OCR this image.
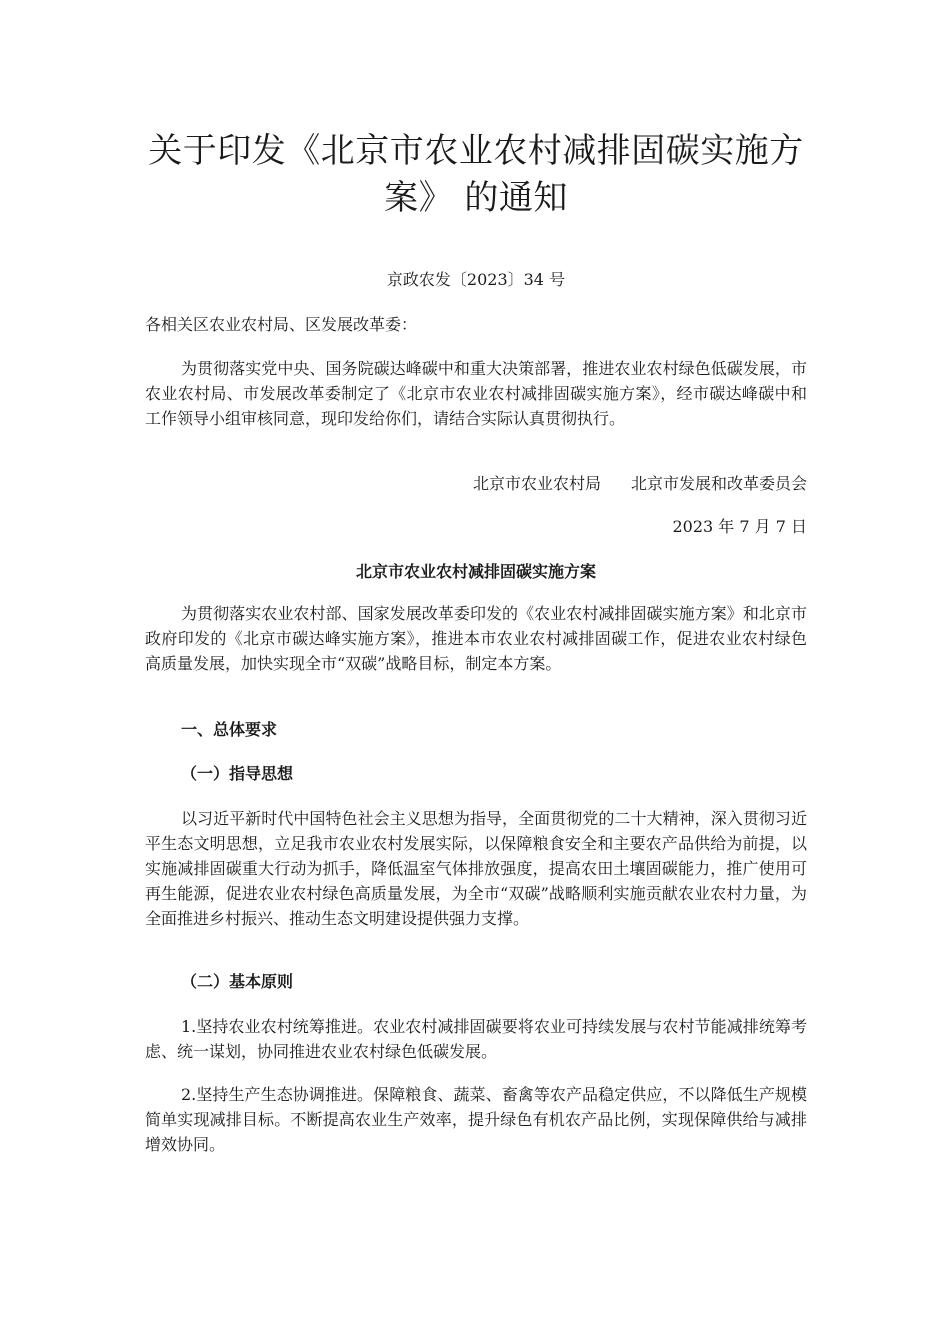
关于印发《北京市农业农村减排固碳实施方
案》 的通知
京政农发〔2023〕34 号
各相关区农业农村局、区发展改革委：
为贯彻落实党中央、国务院碳达峰碳中和重大决策部署，推进农业农村绿色低碳发展，市农业农村局、市发展改革委制定了《北京市农业农村减排固碳实施方案》，经市碳达峰碳中和工作领导小组审核同意，现印发给你们，请结合实际认真贯彻执行。
北京市农业农村局 北京市发展和改革委员会
2023 年 7 月 7 日
北京市农业农村减排固碳实施方案
为贯彻落实农业农村部、国家发展改革委印发的《农业农村减排固碳实施方案》和北京市政府印发的《北京市碳达峰实施方案》，推进本市农业农村减排固碳工作，促进农业农村绿色高质量发展，加快实现全市“双碳”战略目标，制定本方案。
一、总体要求
（一）指导思想
以习近平新时代中国特色社会主义思想为指导，全面贯彻党的二十大精神，深入贯彻习近平生态文明思想，立足我市农业农村发展实际，以保障粮食安全和主要农产品供给为前提，以实施减排固碳重大行动为抓手，降低温室气体排放强度，提高农田土壤固碳能力，推广使用可再生能源，促进农业农村绿色高质量发展，为全市“双碳”战略顺利实施贡献农业农村力量，为全面推进乡村振兴、推动生态文明建设提供强力支撑。
（二）基本原则
1.坚持农业农村统筹推进。农业农村减排固碳要将农业可持续发展与农村节能减排统筹考虑、统一谋划，协同推进农业农村绿色低碳发展。
2.坚持生产生态协调推进。保障粮食、蔬菜、畜禽等农产品稳定供应，不以降低生产规模简单实现减排目标。不断提高农业生产效率，提升绿色有机农产品比例，实现保障供给与减排增效协同。
